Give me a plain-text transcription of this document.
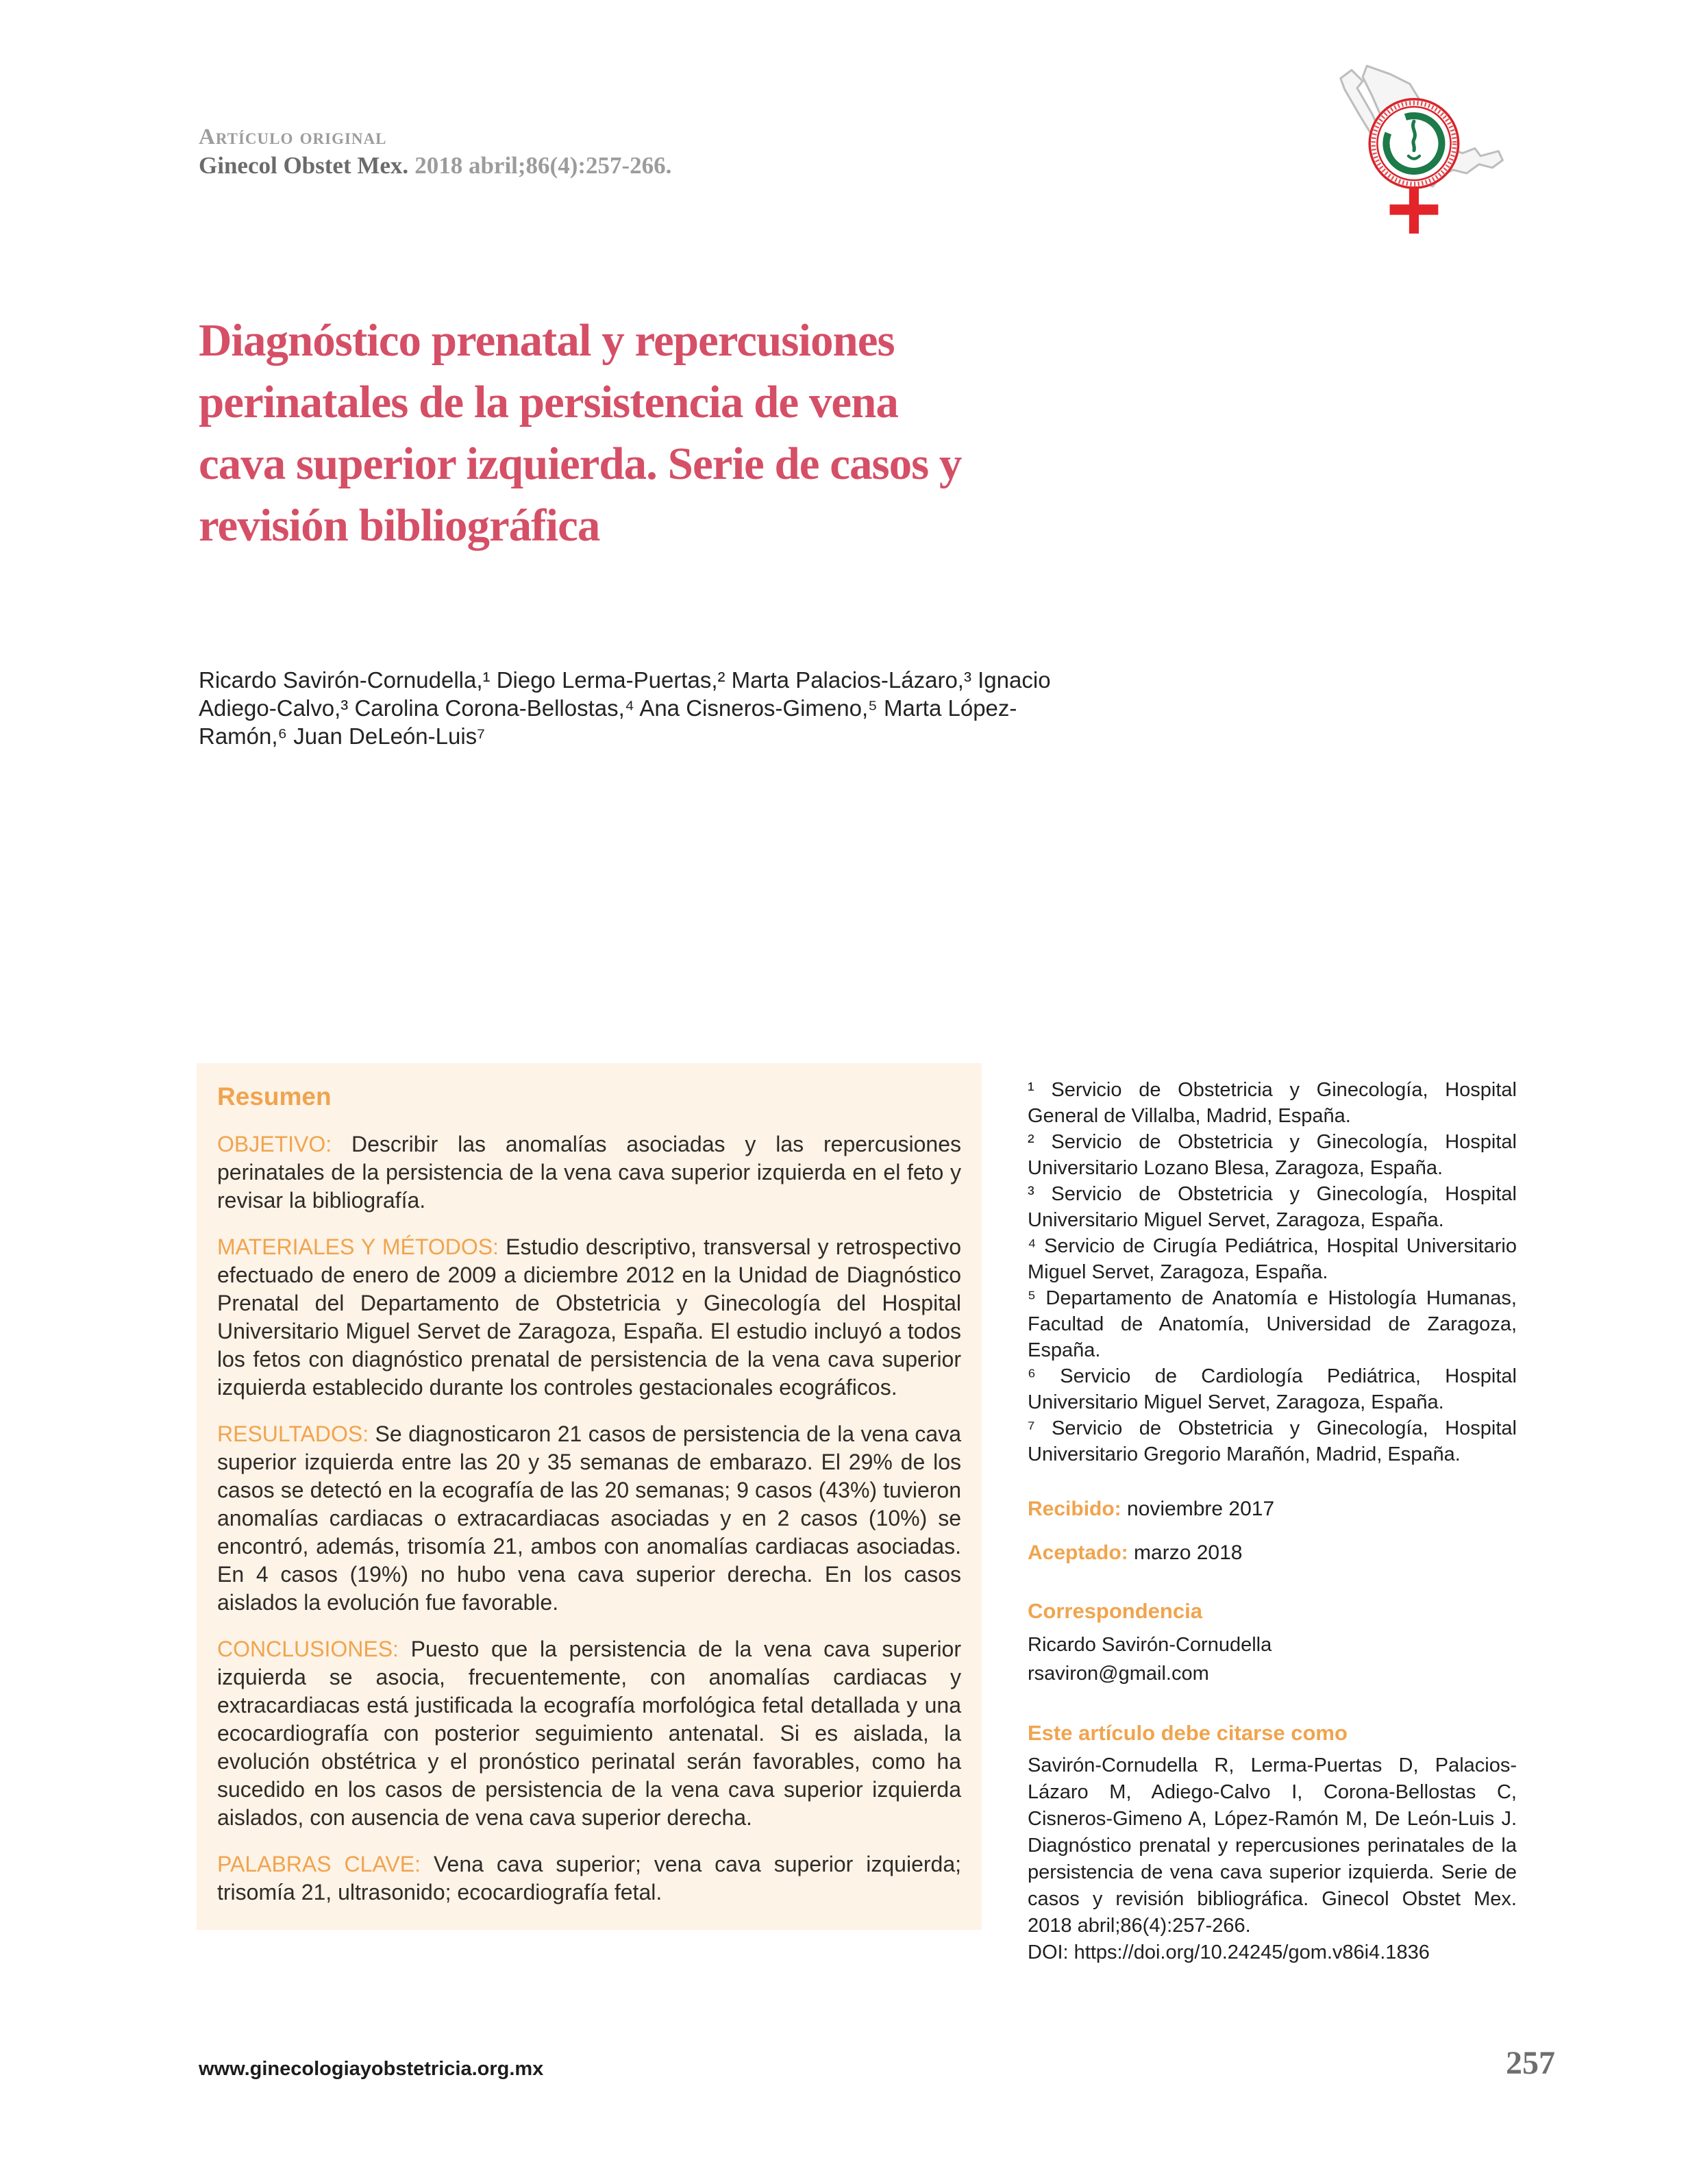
Artículo original
Ginecol Obstet Mex. 2018 abril;86(4):257-266.
Diagnóstico prenatal y repercusiones perinatales de la persistencia de vena cava superior izquierda. Serie de casos y revisión bibliográfica

Ricardo Savirón-Cornudella,¹ Diego Lerma-Puertas,² Marta Palacios-Lázaro,³ Ignacio Adiego-Calvo,³ Carolina Corona-Bellostas,⁴ Ana Cisneros-Gimeno,⁵ Marta López-Ramón,⁶ Juan DeLeón-Luis⁷

Resumen

OBJETIVO: Describir las anomalías asociadas y las repercusiones perinatales de la persistencia de la vena cava superior izquierda en el feto y revisar la bibliografía.

MATERIALES Y MÉTODOS: Estudio descriptivo, transversal y retrospectivo efectuado de enero de 2009 a diciembre 2012 en la Unidad de Diagnóstico Prenatal del Departamento de Obstetricia y Ginecología del Hospital Universitario Miguel Servet de Zaragoza, España. El estudio incluyó a todos los fetos con diagnóstico prenatal de persistencia de la vena cava superior izquierda establecido durante los controles gestacionales ecográficos.

RESULTADOS: Se diagnosticaron 21 casos de persistencia de la vena cava superior izquierda entre las 20 y 35 semanas de embarazo. El 29% de los casos se detectó en la ecografía de las 20 semanas; 9 casos (43%) tuvieron anomalías cardiacas o extracardiacas asociadas y en 2 casos (10%) se encontró, además, trisomía 21, ambos con anomalías cardiacas asociadas. En 4 casos (19%) no hubo vena cava superior derecha. En los casos aislados la evolución fue favorable.

CONCLUSIONES: Puesto que la persistencia de la vena cava superior izquierda se asocia, frecuentemente, con anomalías cardiacas y extracardiacas está justificada la ecografía morfológica fetal detallada y una ecocardiografía con posterior seguimiento antenatal. Si es aislada, la evolución obstétrica y el pronóstico perinatal serán favorables, como ha sucedido en los casos de persistencia de la vena cava superior izquierda aislados, con ausencia de vena cava superior derecha.

PALABRAS CLAVE: Vena cava superior; vena cava superior izquierda; trisomía 21, ultrasonido; ecocardiografía fetal.

¹ Servicio de Obstetricia y Ginecología, Hospital General de Villalba, Madrid, España.
² Servicio de Obstetricia y Ginecología, Hospital Universitario Lozano Blesa, Zaragoza, España.
³ Servicio de Obstetricia y Ginecología, Hospital Universitario Miguel Servet, Zaragoza, España.
⁴ Servicio de Cirugía Pediátrica, Hospital Universitario Miguel Servet, Zaragoza, España.
⁵ Departamento de Anatomía e Histología Humanas, Facultad de Anatomía, Universidad de Zaragoza, España.
⁶ Servicio de Cardiología Pediátrica, Hospital Universitario Miguel Servet, Zaragoza, España.
⁷ Servicio de Obstetricia y Ginecología, Hospital Universitario Gregorio Marañón, Madrid, España.
Recibido: noviembre 2017
Aceptado: marzo 2018
Correspondencia
Ricardo Savirón-Cornudella
rsaviron@gmail.com
Este artículo debe citarse como

Savirón-Cornudella R, Lerma-Puertas D, Palacios-Lázaro M, Adiego-Calvo I, Corona-Bellostas C, Cisneros-Gimeno A, López-Ramón M, De León-Luis J. Diagnóstico prenatal y repercusiones perinatales de la persistencia de vena cava superior izquierda. Serie de casos y revisión bibliográfica. Ginecol Obstet Mex. 2018 abril;86(4):257-266.

DOI: https://doi.org/10.24245/gom.v86i4.1836

www.ginecologiayobstetricia.org.mx	257
